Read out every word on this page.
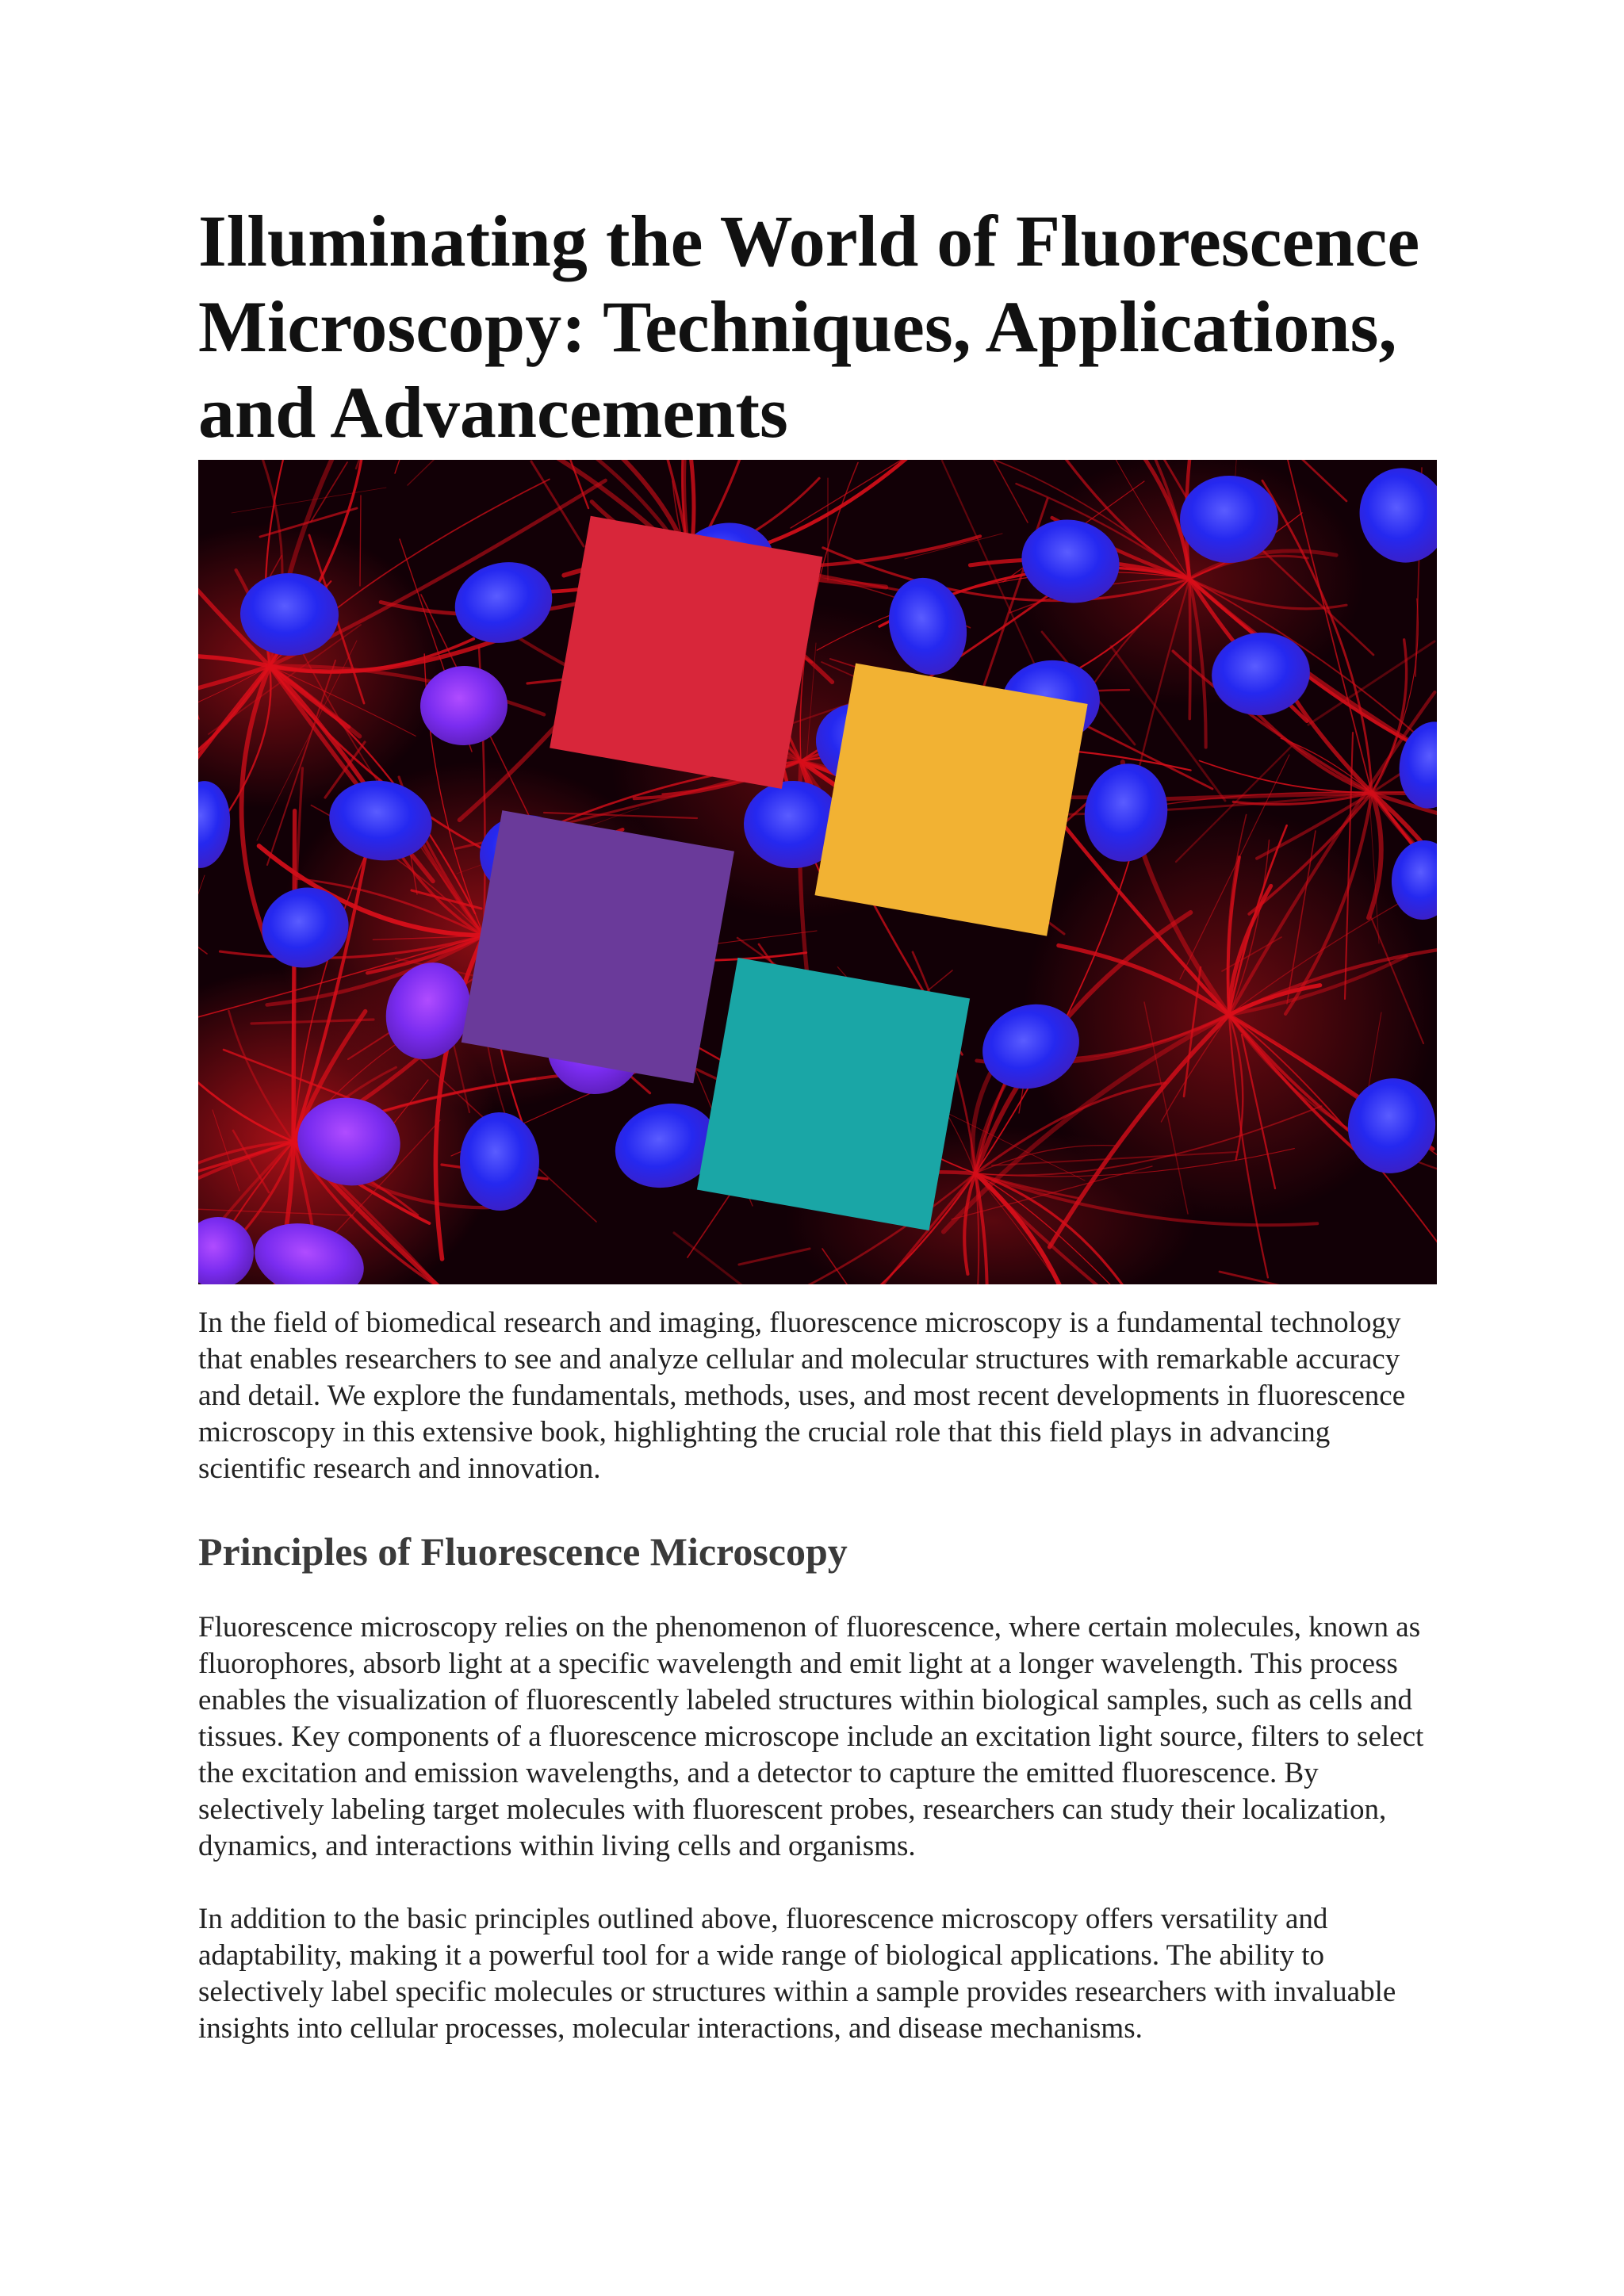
Illuminating the World of Fluorescence Microscopy: Techniques, Applications, and Advancements

In the field of biomedical research and imaging, fluorescence microscopy is a fundamental technology that enables researchers to see and analyze cellular and molecular structures with remarkable accuracy and detail. We explore the fundamentals, methods, uses, and most recent developments in fluorescence microscopy in this extensive book, highlighting the crucial role that this field plays in advancing scientific research and innovation.

Principles of Fluorescence Microscopy

Fluorescence microscopy relies on the phenomenon of fluorescence, where certain molecules, known as fluorophores, absorb light at a specific wavelength and emit light at a longer wavelength. This process enables the visualization of fluorescently labeled structures within biological samples, such as cells and tissues. Key components of a fluorescence microscope include an excitation light source, filters to select the excitation and emission wavelengths, and a detector to capture the emitted fluorescence. By selectively labeling target molecules with fluorescent probes, researchers can study their localization, dynamics, and interactions within living cells and organisms.

In addition to the basic principles outlined above, fluorescence microscopy offers versatility and adaptability, making it a powerful tool for a wide range of biological applications. The ability to selectively label specific molecules or structures within a sample provides researchers with invaluable insights into cellular processes, molecular interactions, and disease mechanisms.
